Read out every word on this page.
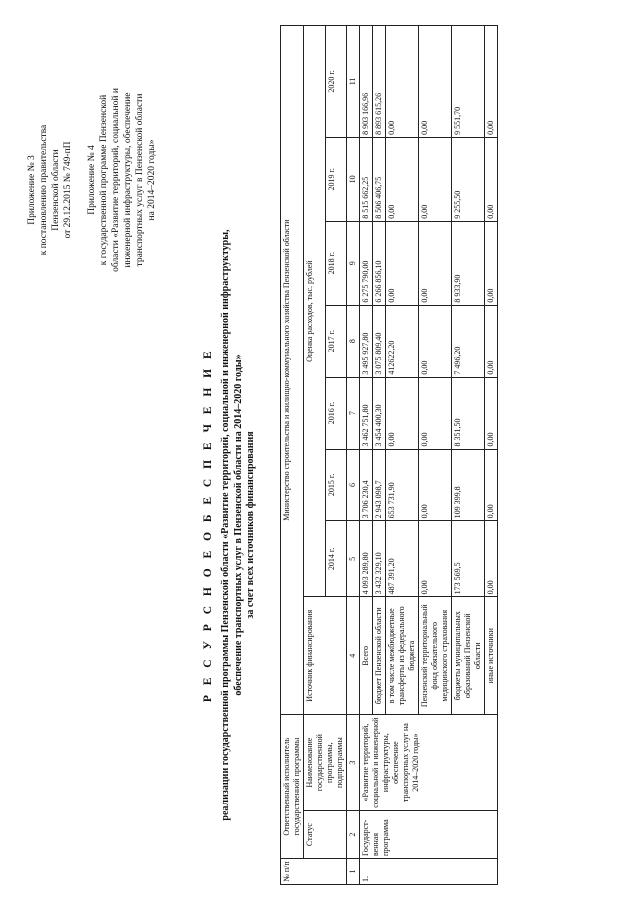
Приложение № 3 к постановлению правительства Пензенской области от 29.12.2015 № 749-пП Приложение № 4 к государственной программе Пензенской области «Развитие территорий, социальной и инженерной инфраструктуры, обеспечение транспортных услуг в Пензенской области на 2014–2020 годы»
Р Е С У Р С Н О Е О Б Е С П Е Ч Е Н И Е реализации государственной программы Пензенской области «Развитие территорий, социальной и инженерной инфраструктуры, обеспечение транспортных услуг в Пензенской области на 2014–2020 годы» за счет всех источников финансирования
№ п/п	Ответственный исполнитель государственной программы		Министерство строительства и жилищно-коммунального хозяйства Пензенской области							
	Статус	Наименование государственной программы, подпрограммы	Источник финансирования	Оценка расходов, тыс. рублей						
				2014 г.	2015 г.	2016 г.	2017 г.	2018 г.	2019 г.	2020 г.
1	2	3	4	5	6	7	8	9	10	11
1.	Государст-венная программа	«Развитие территорий, социальной и инженерной инфраструктуры, обеспечение транспортных услуг на 2014–2020 годы»	Всего	4 093 289,80	3 706 230,4	3 462 751,80	3 495 927,80	6 275 790,00	8 515 662,25	8 903 166,96
			бюджет Пензенской области	3 432 329,10	2 943 098,7	3 454 400,30	3 075 809,40	6 266 856,10	8 506 406,75	8 893 615,26
			в том числе межбюджетные трансферты из федерального бюджета	487 391,20	653 731,90	0,00	412622,20	0,00	0,00	0,00
			Пензенский территориальный фонд обязательного медицинского страхования	0,00	0,00	0,00	0,00	0,00	0,00	0,00
			бюджеты муниципальных образований Пензенской области	173 569,5	109 399,8	8 351,50	7 496,20	8 933,90	9 255,50	9 551,70
			иные источники	0,00	0,00	0,00	0,00	0,00	0,00	0,00
